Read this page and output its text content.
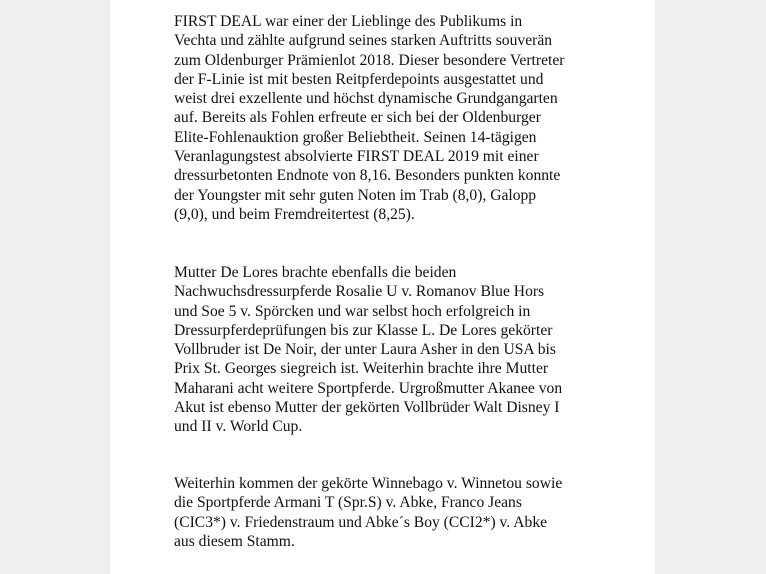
FIRST DEAL war einer der Lieblinge des Publikums in
Vechta und zählte aufgrund seines starken Auftritts souverän
zum Oldenburger Prämienlot 2018. Dieser besondere Vertreter
der F-Linie ist mit besten Reitpferdepoints ausgestattet und
weist drei exzellente und höchst dynamische Grundgangarten
auf. Bereits als Fohlen erfreute er sich bei der Oldenburger
Elite-Fohlenauktion großer Beliebtheit. Seinen 14-tägigen
Veranlagungstest absolvierte FIRST DEAL 2019 mit einer
dressurbetonten Endnote von 8,16. Besonders punkten konnte
der Youngster mit sehr guten Noten im Trab (8,0), Galopp
(9,0), und beim Fremdreitertest (8,25).

Mutter De Lores brachte ebenfalls die beiden
Nachwuchsdressurpferde Rosalie U v. Romanov Blue Hors
und Soe 5 v. Spörcken und war selbst hoch erfolgreich in
Dressurpferdeprüfungen bis zur Klasse L. De Lores gekörter
Vollbruder ist De Noir, der unter Laura Asher in den USA bis
Prix St. Georges siegreich ist. Weiterhin brachte ihre Mutter
Maharani acht weitere Sportpferde. Urgroßmutter Akanee von
Akut ist ebenso Mutter der gekörten Vollbrüder Walt Disney I
und II v. World Cup.

Weiterhin kommen der gekörte Winnebago v. Winnetou sowie
die Sportpferde Armani T (Spr.S) v. Abke, Franco Jeans
(CIC3*) v. Friedenstraum und Abke´s Boy (CCI2*) v. Abke
aus diesem Stamm.
